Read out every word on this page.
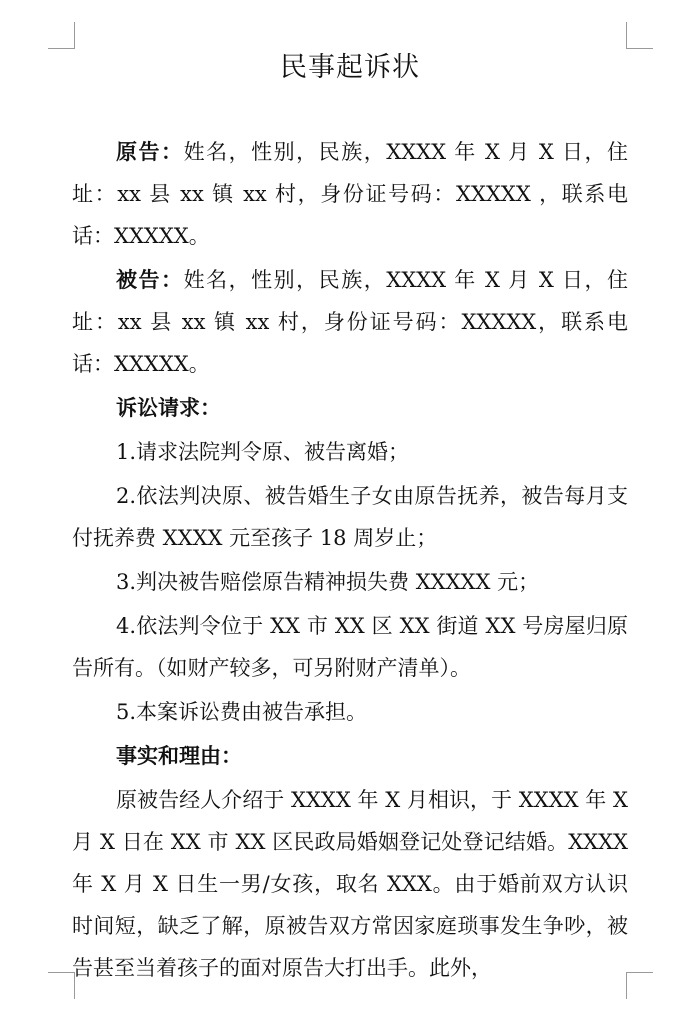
民事起诉状

原告：姓名，性别，民族，XXXX 年 X 月 X 日，住址：xx 县 xx 镇 xx 村，身份证号码：XXXXX ，联系电话：XXXXX。

被告：姓名，性别，民族，XXXX 年 X 月 X 日，住址：xx 县 xx 镇 xx 村，身份证号码：XXXXX，联系电话：XXXXX。

诉讼请求：

1.请求法院判令原、被告离婚；

2.依法判决原、被告婚生子女由原告抚养，被告每月支付抚养费 XXXX 元至孩子 18 周岁止；

3.判决被告赔偿原告精神损失费 XXXXX 元；

4.依法判令位于 XX 市 XX 区 XX 街道 XX 号房屋归原告所有。（如财产较多，可另附财产清单）。

5.本案诉讼费由被告承担。

事实和理由：

原被告经人介绍于 XXXX 年 X 月相识，于 XXXX 年 X 月 X 日在 XX 市 XX 区民政局婚姻登记处登记结婚。XXXX 年 X 月 X 日生一男/女孩，取名 XXX。由于婚前双方认识时间短，缺乏了解，原被告双方常因家庭琐事发生争吵，被告甚至当着孩子的面对原告大打出手。此外，
